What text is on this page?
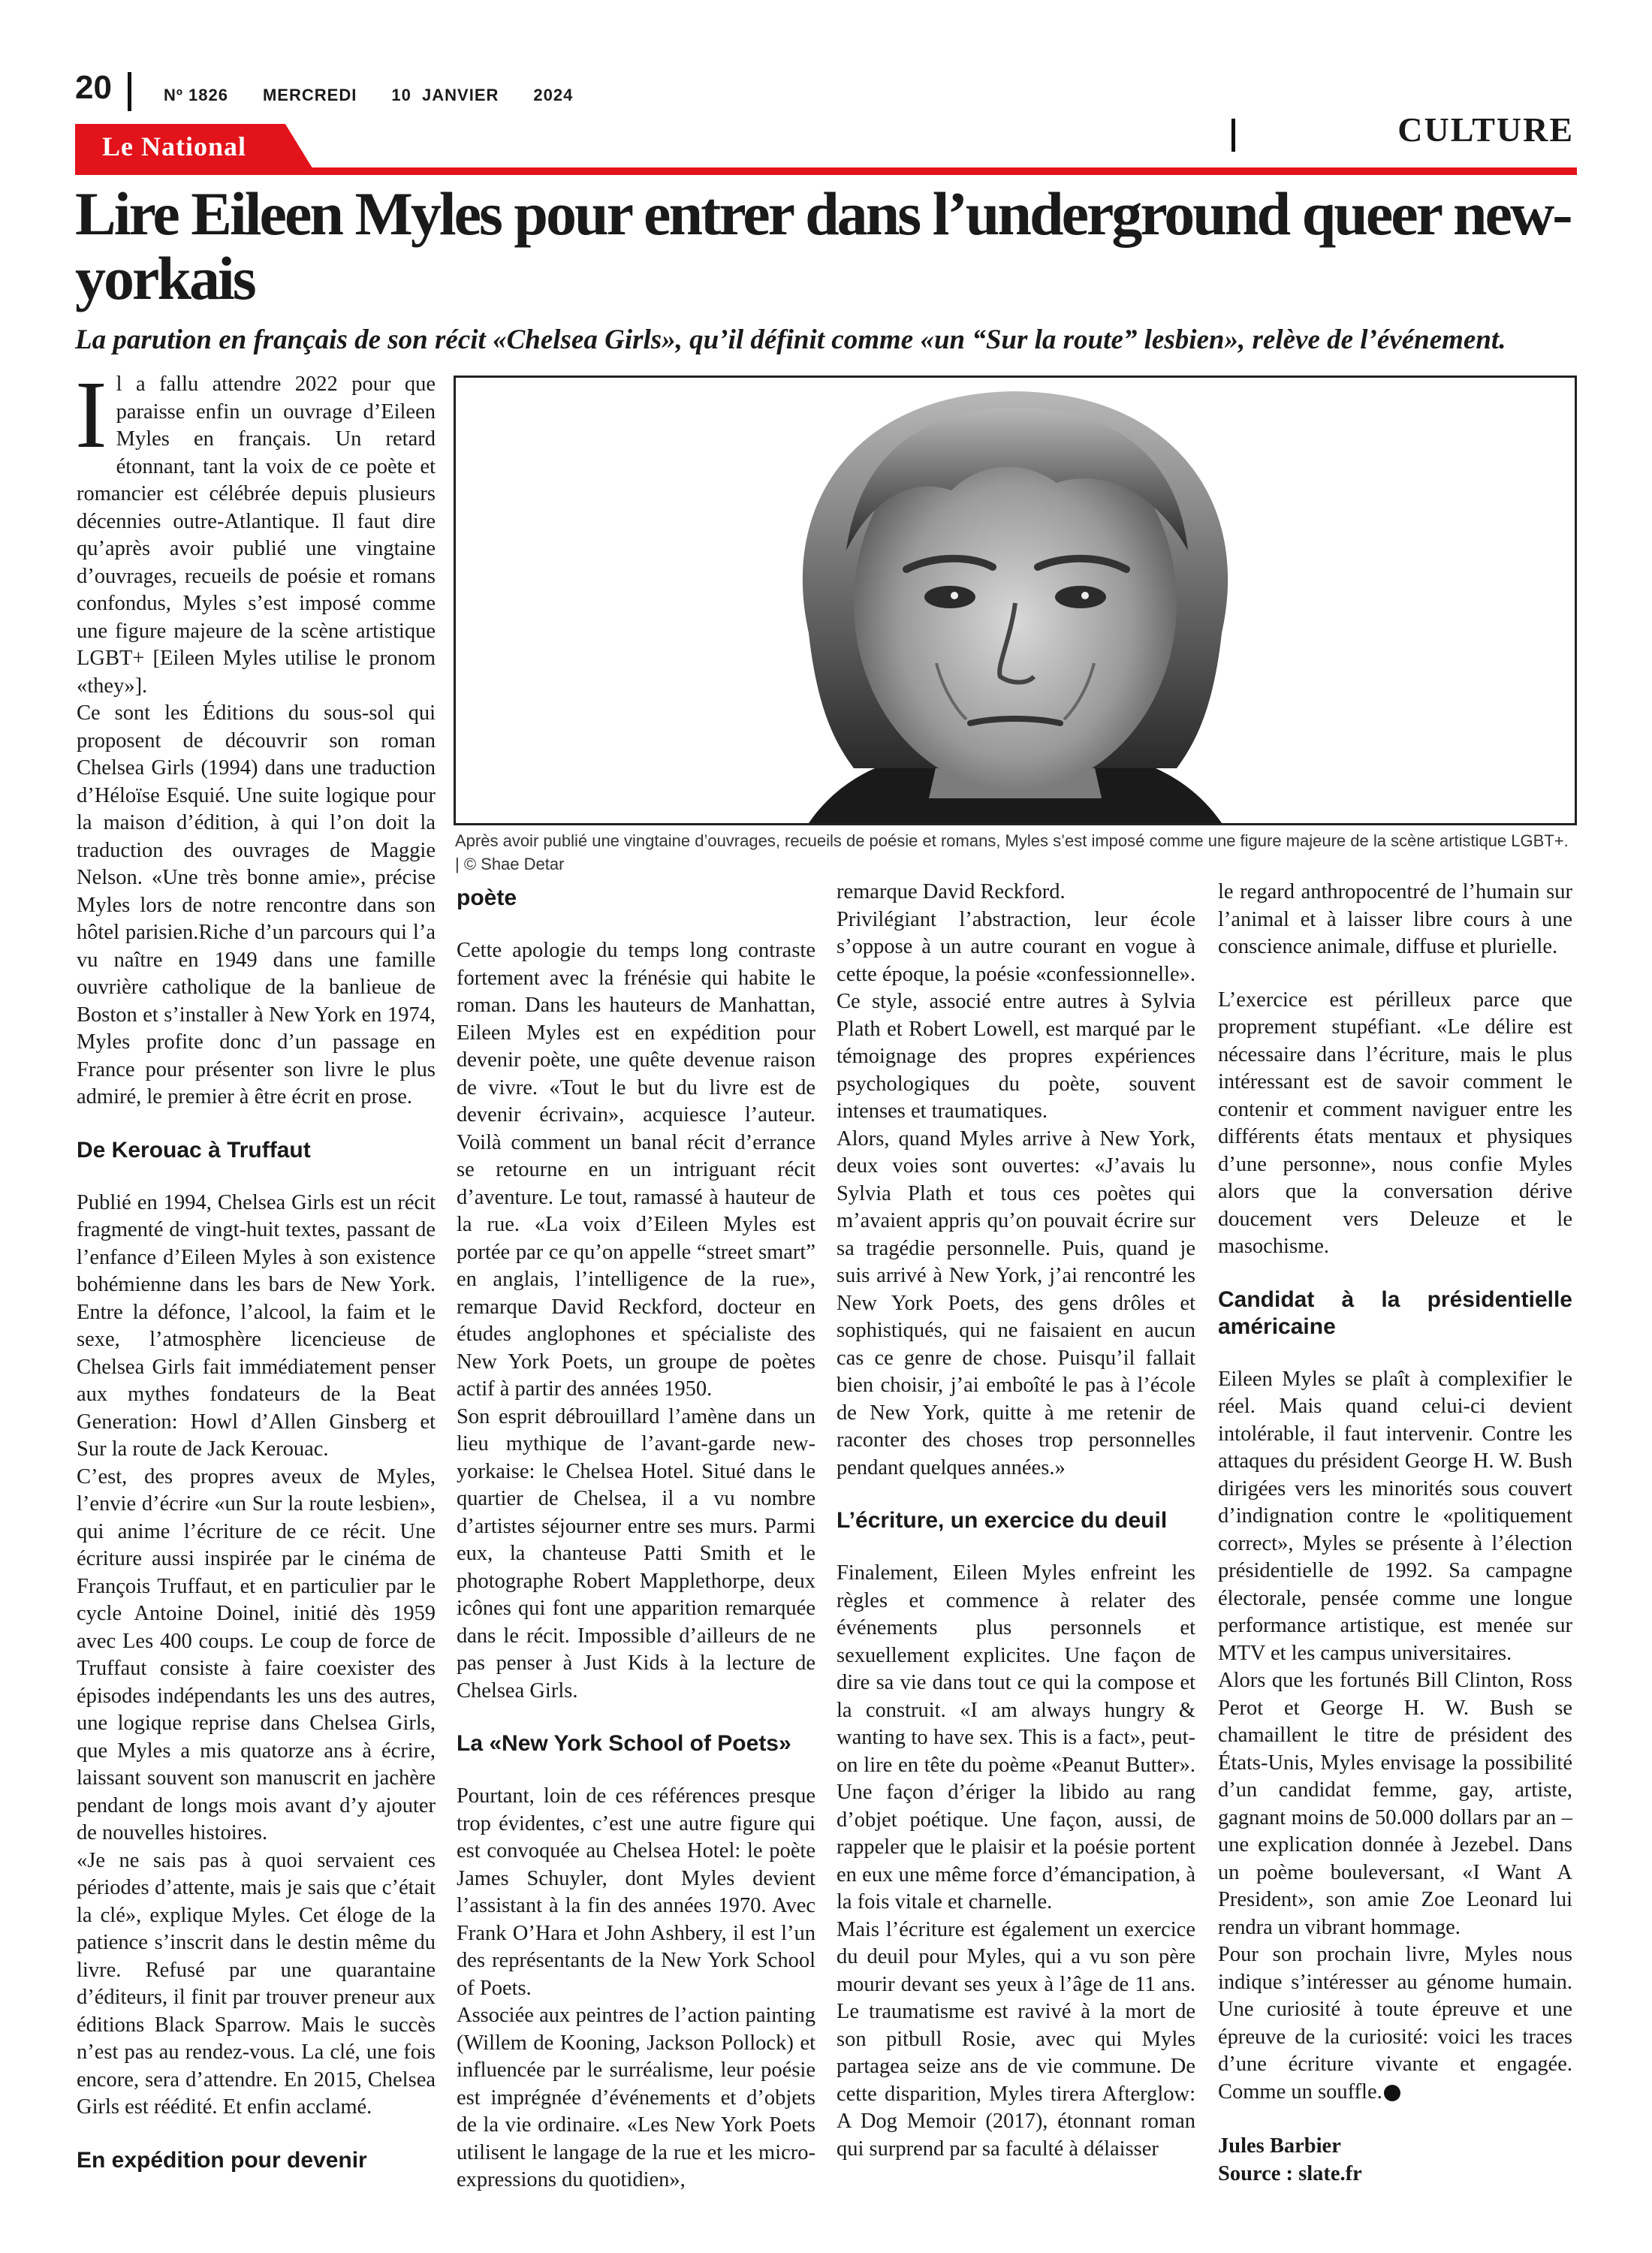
20	Nº 1826 MERCREDI 10  JANVIER 2024
CULTURE
Le National
Lire Eileen Myles pour entrer dans l’underground queer new-yorkais

La parution en français de son récit «Chelsea Girls», qu’il définit comme «un “Sur la route” lesbien», relève de l’événement.

Après avoir publié une vingtaine d’ouvrages, recueils de poésie et romans, Myles s’est imposé comme une figure majeure de la scène artistique LGBT+. | © Shae Detar

Il a fallu attendre 2022 pour que paraisse enfin un ouvrage d’Eileen Myles en français. Un retard étonnant, tant la voix de ce poète et romancier est célébrée depuis plusieurs décennies outre-Atlantique. Il faut dire qu’après avoir publié une vingtaine d’ouvrages, recueils de poésie et romans confondus, Myles s’est imposé comme une figure majeure de la scène artistique LGBT+ [Eileen Myles utilise le pronom «they»].

Ce sont les Éditions du sous-sol qui proposent de découvrir son roman Chelsea Girls (1994) dans une traduction d’Héloïse Esquié. Une suite logique pour la maison d’édition, à qui l’on doit la traduction des ouvrages de Maggie Nelson. «Une très bonne amie», précise Myles lors de notre rencontre dans son hôtel parisien.Riche d’un parcours qui l’a vu naître en 1949 dans une famille ouvrière catholique de la banlieue de Boston et s’installer à New York en 1974, Myles profite donc d’un passage en France pour présenter son livre le plus admiré, le premier à être écrit en prose.

De Kerouac à Truffaut

Publié en 1994, Chelsea Girls est un récit fragmenté de vingt-huit textes, passant de l’enfance d’Eileen Myles à son existence bohémienne dans les bars de New York. Entre la défonce, l’alcool, la faim et le sexe, l’atmosphère licencieuse de Chelsea Girls fait immédiatement penser aux mythes fondateurs de la Beat Generation: Howl d’Allen Ginsberg et Sur la route de Jack Kerouac.

C’est, des propres aveux de Myles, l’envie d’écrire «un Sur la route lesbien», qui anime l’écriture de ce récit. Une écriture aussi inspirée par le cinéma de François Truffaut, et en particulier par le cycle Antoine Doinel, initié dès 1959 avec Les 400 coups. Le coup de force de Truffaut consiste à faire coexister des épisodes indépendants les uns des autres, une logique reprise dans Chelsea Girls, que Myles a mis quatorze ans à écrire, laissant souvent son manuscrit en jachère pendant de longs mois avant d’y ajouter de nouvelles histoires.

«Je ne sais pas à quoi servaient ces périodes d’attente, mais je sais que c’était la clé», explique Myles. Cet éloge de la patience s’inscrit dans le destin même du livre. Refusé par une quarantaine d’éditeurs, il finit par trouver preneur aux éditions Black Sparrow. Mais le succès n’est pas au rendez-vous. La clé, une fois encore, sera d’attendre. En 2015, Chelsea Girls est réédité. Et enfin acclamé.

En expédition pour devenir
poète

Cette apologie du temps long contraste fortement avec la frénésie qui habite le roman. Dans les hauteurs de Manhattan, Eileen Myles est en expédition pour devenir poète, une quête devenue raison de vivre. «Tout le but du livre est de devenir écrivain», acquiesce l’auteur. Voilà comment un banal récit d’errance se retourne en un intriguant récit d’aventure. Le tout, ramassé à hauteur de la rue. «La voix d’Eileen Myles est portée par ce qu’on appelle “street smart” en anglais, l’intelligence de la rue», remarque David Reckford, docteur en études anglophones et spécialiste des New York Poets, un groupe de poètes actif à partir des années 1950.

Son esprit débrouillard l’amène dans un lieu mythique de l’avant-garde new-yorkaise: le Chelsea Hotel. Situé dans le quartier de Chelsea, il a vu nombre d’artistes séjourner entre ses murs. Parmi eux, la chanteuse Patti Smith et le photographe Robert Mapplethorpe, deux icônes qui font une apparition remarquée dans le récit. Impossible d’ailleurs de ne pas penser à Just Kids à la lecture de Chelsea Girls.

La «New York School of Poets»

Pourtant, loin de ces références presque trop évidentes, c’est une autre figure qui est convoquée au Chelsea Hotel: le poète James Schuyler, dont Myles devient l’assistant à la fin des années 1970. Avec Frank O’Hara et John Ashbery, il est l’un des représentants de la New York School of Poets.

Associée aux peintres de l’action painting (Willem de Kooning, Jackson Pollock) et influencée par le surréalisme, leur poésie est imprégnée d’événements et d’objets de la vie ordinaire. «Les New York Poets utilisent le langage de la rue et les micro-expressions du quotidien»,

remarque David Reckford.

Privilégiant l’abstraction, leur école s’oppose à un autre courant en vogue à cette époque, la poésie «confessionnelle». Ce style, associé entre autres à Sylvia Plath et Robert Lowell, est marqué par le témoignage des propres expériences psychologiques du poète, souvent intenses et traumatiques.

Alors, quand Myles arrive à New York, deux voies sont ouvertes: «J’avais lu Sylvia Plath et tous ces poètes qui m’avaient appris qu’on pouvait écrire sur sa tragédie personnelle. Puis, quand je suis arrivé à New York, j’ai rencontré les New York Poets, des gens drôles et sophistiqués, qui ne faisaient en aucun cas ce genre de chose. Puisqu’il fallait bien choisir, j’ai emboîté le pas à l’école de New York, quitte à me retenir de raconter des choses trop personnelles pendant quelques années.»

L’écriture, un exercice du deuil

Finalement, Eileen Myles enfreint les règles et commence à relater des événements plus personnels et sexuellement explicites. Une façon de dire sa vie dans tout ce qui la compose et la construit. «I am always hungry & wanting to have sex. This is a fact», peut-on lire en tête du poème «Peanut Butter». Une façon d’ériger la libido au rang d’objet poétique. Une façon, aussi, de rappeler que le plaisir et la poésie portent en eux une même force d’émancipation, à la fois vitale et charnelle.

Mais l’écriture est également un exercice du deuil pour Myles, qui a vu son père mourir devant ses yeux à l’âge de 11 ans. Le traumatisme est ravivé à la mort de son pitbull Rosie, avec qui Myles partagea seize ans de vie commune. De cette disparition, Myles tirera Afterglow: A Dog Memoir (2017), étonnant roman qui surprend par sa faculté à délaisser

le regard anthropocentré de l’humain sur l’animal et à laisser libre cours à une conscience animale, diffuse et plurielle.

L’exercice est périlleux parce que proprement stupéfiant. «Le délire est nécessaire dans l’écriture, mais le plus intéressant est de savoir comment le contenir et comment naviguer entre les différents états mentaux et physiques d’une personne», nous confie Myles alors que la conversation dérive doucement vers Deleuze et le masochisme.

Candidat à la présidentielle américaine

Eileen Myles se plaît à complexifier le réel. Mais quand celui-ci devient intolérable, il faut intervenir. Contre les attaques du président George H. W. Bush dirigées vers les minorités sous couvert d’indignation contre le «politiquement correct», Myles se présente à l’élection présidentielle de 1992. Sa campagne électorale, pensée comme une longue performance artistique, est menée sur MTV et les campus universitaires.

Alors que les fortunés Bill Clinton, Ross Perot et George H. W. Bush se chamaillent le titre de président des États-Unis, Myles envisage la possibilité d’un candidat femme, gay, artiste, gagnant moins de 50.000 dollars par an –une explication donnée à Jezebel. Dans un poème bouleversant, «I Want A President», son amie Zoe Leonard lui rendra un vibrant hommage.

Pour son prochain livre, Myles nous indique s’intéresser au génome humain. Une curiosité à toute épreuve et une épreuve de la curiosité: voici les traces d’une écriture vivante et engagée. Comme un souffle.

Jules Barbier

Source : slate.fr
